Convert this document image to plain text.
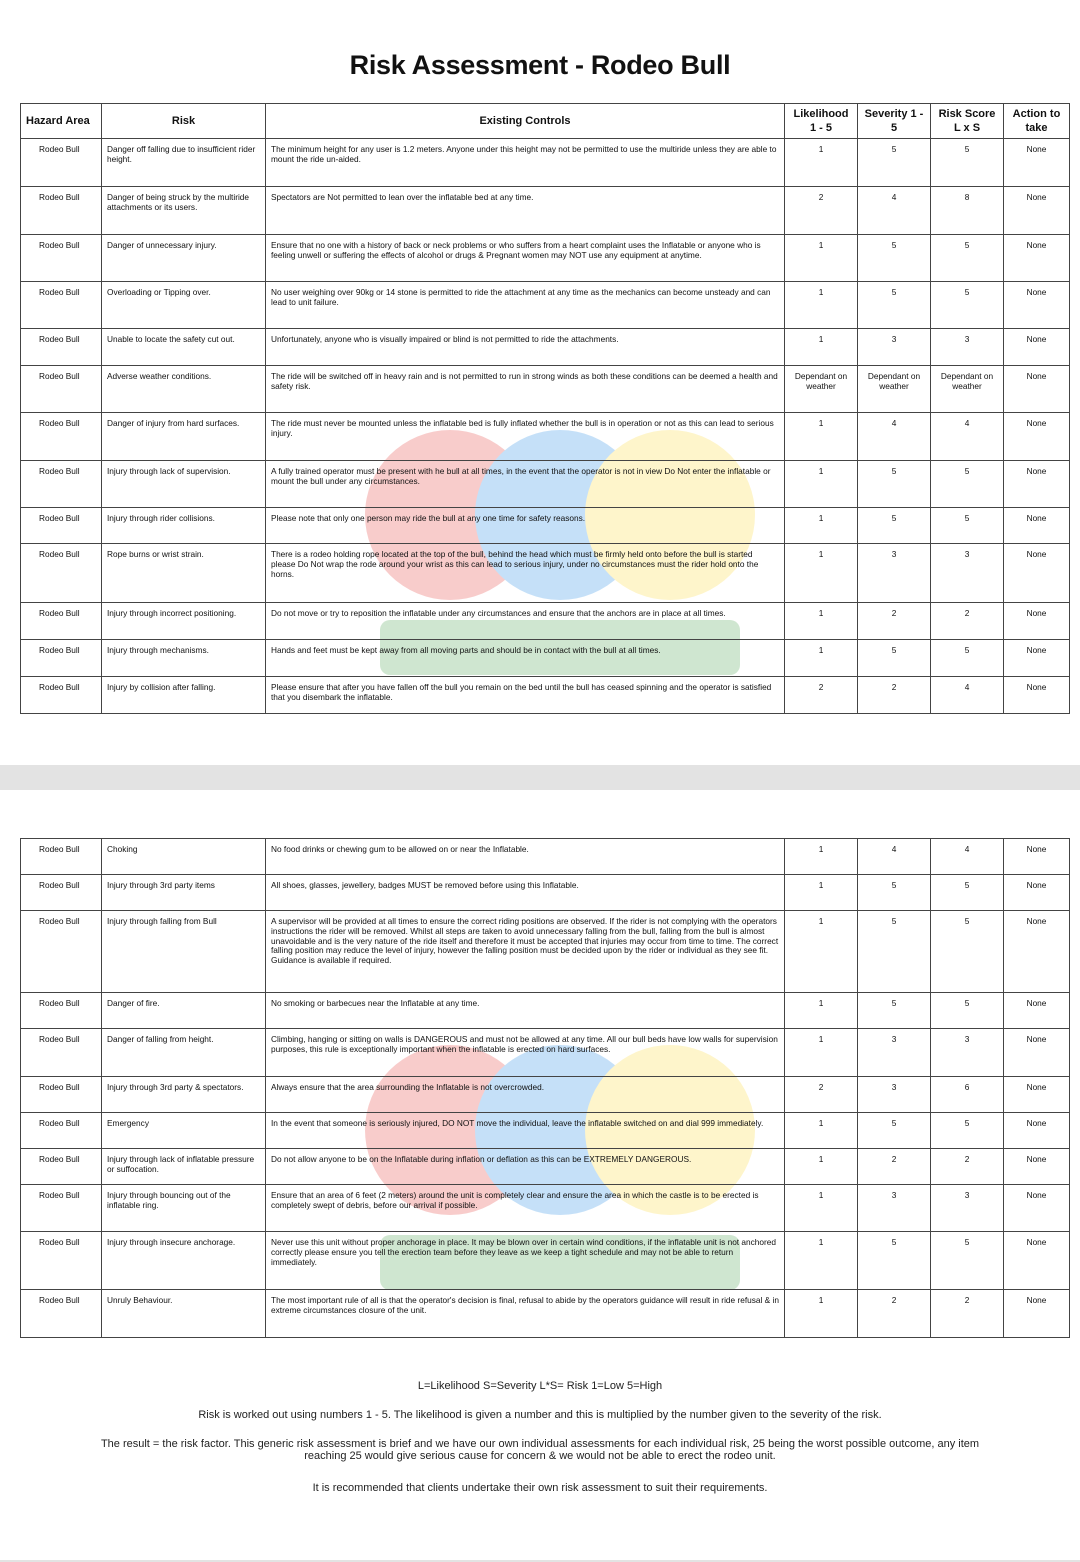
Risk Assessment - Rodeo Bull
Hazard Area	Risk	Existing Controls	Likelihood 1 - 5	Severity 1 - 5	Risk Score L x S	Action to take
Rodeo Bull	Danger off falling due to insufficient rider height.	The minimum height for any user is 1.2 meters. Anyone under this height may not be permitted to use the multiride unless they are able to mount the ride un-aided.	1	5	5	None
Rodeo Bull	Danger of being struck by the multiride attachments or its users.	Spectators are Not permitted to lean over the inflatable bed at any time.	2	4	8	None
Rodeo Bull	Danger of unnecessary injury.	Ensure that no one with a history of back or neck problems or who suffers from a heart complaint uses the Inflatable or anyone who is feeling unwell or suffering the effects of alcohol or drugs & Pregnant women may NOT use any equipment at anytime.	1	5	5	None
Rodeo Bull	Overloading or Tipping over.	No user weighing over 90kg or 14 stone is permitted to ride the attachment at any time as the mechanics can become unsteady and can lead to unit failure.	1	5	5	None
Rodeo Bull	Unable to locate the safety cut out.	Unfortunately, anyone who is visually impaired or blind is not permitted to ride the attachments.	1	3	3	None
Rodeo Bull	Adverse weather conditions.	The ride will be switched off in heavy rain and is not permitted to run in strong winds as both these conditions can be deemed a health and safety risk.	Dependant on weather	Dependant on weather	Dependant on weather	None
Rodeo Bull	Danger of injury from hard surfaces.	The ride must never be mounted unless the inflatable bed is fully inflated whether the bull is in operation or not as this can lead to serious injury.	1	4	4	None
Rodeo Bull	Injury through lack of supervision.	A fully trained operator must be present with he bull at all times, in the event that the operator is not in view Do Not enter the inflatable or mount the bull under any circumstances.	1	5	5	None
Rodeo Bull	Injury through rider collisions.	Please note that only one person may ride the bull at any one time for safety reasons.	1	5	5	None
Rodeo Bull	Rope burns or wrist strain.	There is a rodeo holding rope located at the top of the bull, behind the head which must be firmly held onto before the bull is started please Do Not wrap the rode around your wrist as this can lead to serious injury, under no circumstances must the rider hold onto the horns.	1	3	3	None
Rodeo Bull	Injury through incorrect positioning.	Do not move or try to reposition the inflatable under any circumstances and ensure that the anchors are in place at all times.	1	2	2	None
Rodeo Bull	Injury through mechanisms.	Hands and feet must be kept away from all moving parts and should be in contact with the bull at all times.	1	5	5	None
Rodeo Bull	Injury by collision after falling.	Please ensure that after you have fallen off the bull you remain on the bed until the bull has ceased spinning and the operator is satisfied that you disembark the inflatable.	2	2	4	None
Rodeo Bull	Choking	No food drinks or chewing gum to be allowed on or near the Inflatable.	1	4	4	None
Rodeo Bull	Injury through 3rd party items	All shoes, glasses, jewellery, badges MUST be removed before using this Inflatable.	1	5	5	None
Rodeo Bull	Injury through falling from Bull	A supervisor will be provided at all times to ensure the correct riding positions are observed. If the rider is not complying with the operators instructions the rider will be removed. Whilst all steps are taken to avoid unnecessary falling from the bull, falling from the bull is almost unavoidable and is the very nature of the ride itself and therefore it must be accepted that injuries may occur from time to time. The correct falling position may reduce the level of injury, however the falling position must be decided upon by the rider or individual as they see fit. Guidance is available if required.	1	5	5	None
Rodeo Bull	Danger of fire.	No smoking or barbecues near the Inflatable at any time.	1	5	5	None
Rodeo Bull	Danger of falling from height.	Climbing, hanging or sitting on walls is DANGEROUS and must not be allowed at any time. All our bull beds have low walls for supervision purposes, this rule is exceptionally important when the inflatable is erected on hard surfaces.	1	3	3	None
Rodeo Bull	Injury through 3rd party & spectators.	Always ensure that the area surrounding the Inflatable is not overcrowded.	2	3	6	None
Rodeo Bull	Emergency	In the event that someone is seriously injured, DO NOT move the individual, leave the inflatable switched on and dial 999 immediately.	1	5	5	None
Rodeo Bull	Injury through lack of inflatable pressure or suffocation.	Do not allow anyone to be on the Inflatable during inflation or deflation as this can be EXTREMELY DANGEROUS.	1	2	2	None
Rodeo Bull	Injury through bouncing out of the inflatable ring.	Ensure that an area of 6 feet (2 meters) around the unit is completely clear and ensure the area in which the castle is to be erected is completely swept of debris, before our arrival if possible.	1	3	3	None
Rodeo Bull	Injury through insecure anchorage.	Never use this unit without proper anchorage in place. It may be blown over in certain wind conditions, if the inflatable unit is not anchored correctly please ensure you tell the erection team before they leave as we keep a tight schedule and may not be able to return immediately.	1	5	5	None
Rodeo Bull	Unruly Behaviour.	The most important rule of all is that the operator's decision is final, refusal to abide by the operators guidance will result in ride refusal & in extreme circumstances closure of the unit.	1	2	2	None
L=Likelihood S=Severity L*S= Risk 1=Low 5=High
Risk is worked out using numbers 1 - 5. The likelihood is given a number and this is multiplied by the number given to the severity of the risk.
The result = the risk factor. This generic risk assessment is brief and we have our own individual assessments for each individual risk, 25 being the worst possible outcome, any item reaching 25 would give serious cause for concern & we would not be able to erect the rodeo unit.
It is recommended that clients undertake their own risk assessment to suit their requirements.
